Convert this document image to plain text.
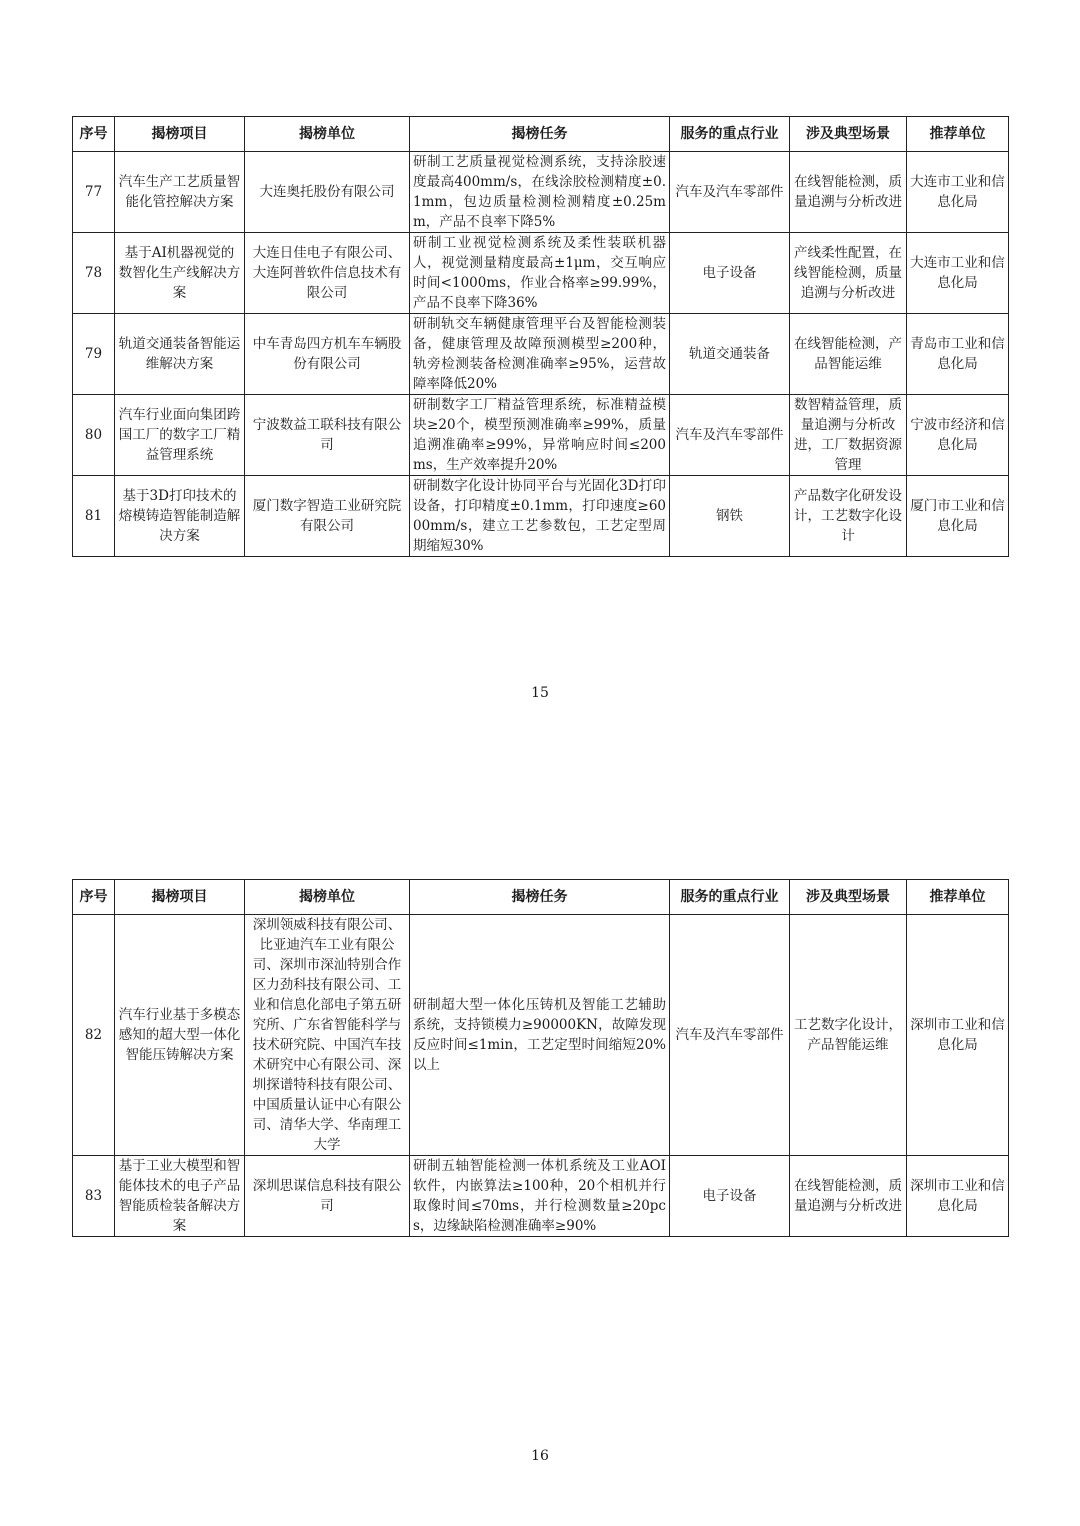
序号	揭榜项目	揭榜单位	揭榜任务	服务的重点行业	涉及典型场景	推荐单位
77	汽车生产工艺质量智能化管控解决方案	大连奥托股份有限公司	研制工艺质量视觉检测系统，支持涂胶速度最高400mm/s，在线涂胶检测精度±0.1mm，包边质量检测检测精度±0.25mm，产品不良率下降5%	汽车及汽车零部件	在线智能检测，质量追溯与分析改进	大连市工业和信息化局
78	基于AI机器视觉的数智化生产线解决方案	大连日佳电子有限公司、大连阿普软件信息技术有限公司	研制工业视觉检测系统及柔性装联机器人，视觉测量精度最高±1μm，交互响应时间<1000ms，作业合格率≥99.99%，产品不良率下降36%	电子设备	产线柔性配置，在线智能检测，质量追溯与分析改进	大连市工业和信息化局
79	轨道交通装备智能运维解决方案	中车青岛四方机车车辆股份有限公司	研制轨交车辆健康管理平台及智能检测装备，健康管理及故障预测模型≥200种，轨旁检测装备检测准确率≥95%，运营故障率降低20%	轨道交通装备	在线智能检测，产品智能运维	青岛市工业和信息化局
80	汽车行业面向集团跨国工厂的数字工厂精益管理系统	宁波数益工联科技有限公司	研制数字工厂精益管理系统，标准精益模块≥20个，模型预测准确率≥99%，质量追溯准确率≥99%，异常响应时间≤200ms，生产效率提升20%	汽车及汽车零部件	数智精益管理，质量追溯与分析改进，工厂数据资源管理	宁波市经济和信息化局
81	基于3D打印技术的熔模铸造智能制造解决方案	厦门数字智造工业研究院有限公司	研制数字化设计协同平台与光固化3D打印设备，打印精度±0.1mm，打印速度≥6000mm/s，建立工艺参数包，工艺定型周期缩短30%	钢铁	产品数字化研发设计，工艺数字化设计	厦门市工业和信息化局
15
序号	揭榜项目	揭榜单位	揭榜任务	服务的重点行业	涉及典型场景	推荐单位
82	汽车行业基于多模态感知的超大型一体化智能压铸解决方案	深圳领威科技有限公司、比亚迪汽车工业有限公司、深圳市深汕特别合作区力劲科技有限公司、工业和信息化部电子第五研究所、广东省智能科学与技术研究院、中国汽车技术研究中心有限公司、深圳探谱特科技有限公司、中国质量认证中心有限公司、清华大学、华南理工大学	研制超大型一体化压铸机及智能工艺辅助系统，支持锁模力≥90000KN，故障发现反应时间≤1min，工艺定型时间缩短20%以上	汽车及汽车零部件	工艺数字化设计，产品智能运维	深圳市工业和信息化局
83	基于工业大模型和智能体技术的电子产品智能质检装备解决方案	深圳思谋信息科技有限公司	研制五轴智能检测一体机系统及工业AOI软件，内嵌算法≥100种，20个相机并行取像时间≤70ms，并行检测数量≥20pcs，边缘缺陷检测准确率≥90%	电子设备	在线智能检测，质量追溯与分析改进	深圳市工业和信息化局
16
